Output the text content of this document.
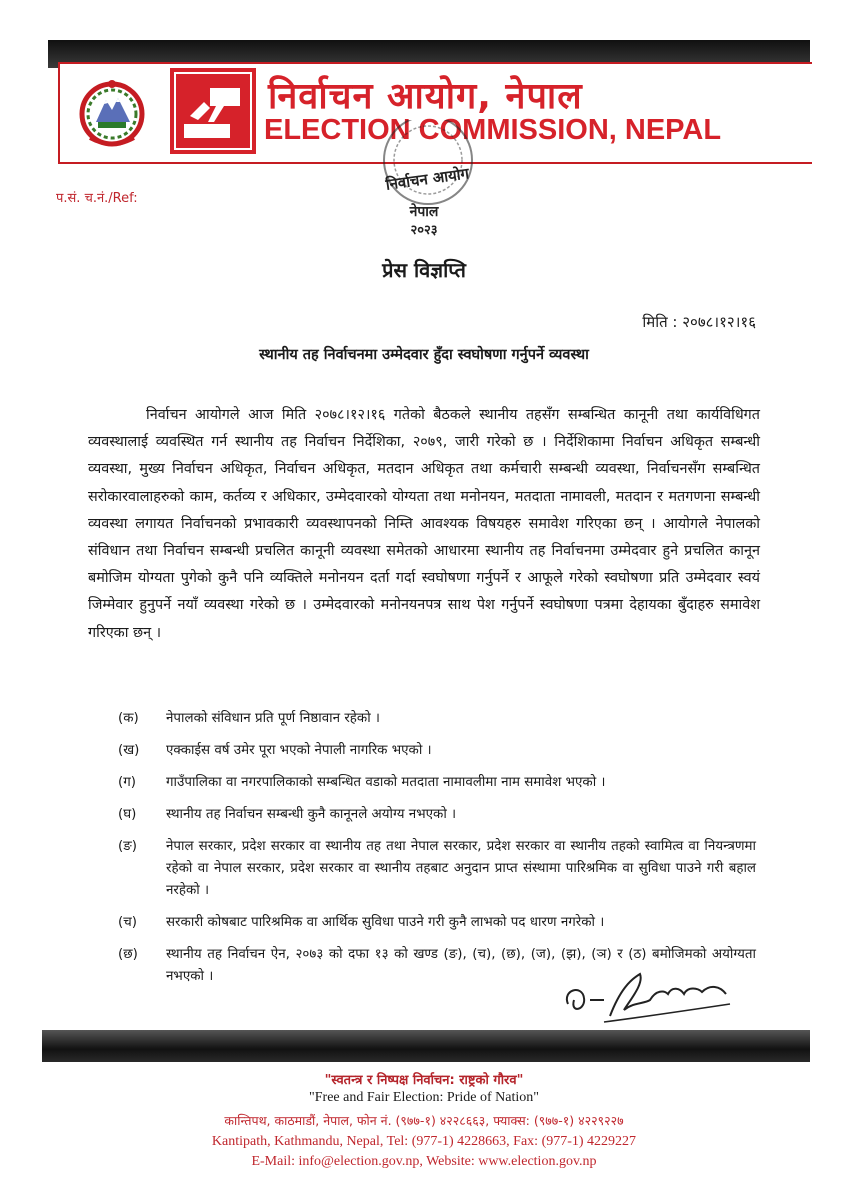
निर्वाचन आयोग, नेपाल
ELECTION COMMISSION, NEPAL
प.सं. च.नं./Ref:
निर्वाचन आयोग
नेपाल
२०२३
प्रेस विज्ञप्ति
मिति : २०७८।१२।१६
स्थानीय तह निर्वाचनमा उम्मेदवार हुँदा स्वघोषणा गर्नुपर्ने व्यवस्था
निर्वाचन आयोगले आज मिति २०७८।१२।१६ गतेको बैठकले स्थानीय तहसँग सम्बन्धित कानूनी तथा कार्यविधिगत व्यवस्थालाई व्यवस्थित गर्न स्थानीय तह निर्वाचन निर्देशिका, २०७९, जारी गरेको छ । निर्देशिकामा निर्वाचन अधिकृत सम्बन्धी व्यवस्था, मुख्य निर्वाचन अधिकृत, निर्वाचन अधिकृत, मतदान अधिकृत तथा कर्मचारी सम्बन्धी व्यवस्था, निर्वाचनसँग सम्बन्धित सरोकारवालाहरुको काम, कर्तव्य र अधिकार, उम्मेदवारको योग्यता तथा मनोनयन, मतदाता नामावली, मतदान र मतगणना सम्बन्धी व्यवस्था लगायत निर्वाचनको प्रभावकारी व्यवस्थापनको निम्ति आवश्यक विषयहरु समावेश गरिएका छन् । आयोगले नेपालको संविधान तथा निर्वाचन सम्बन्धी प्रचलित कानूनी व्यवस्था समेतको आधारमा स्थानीय तह निर्वाचनमा उम्मेदवार हुने प्रचलित कानून बमोजिम योग्यता पुगेको कुनै पनि व्यक्तिले मनोनयन दर्ता गर्दा स्वघोषणा गर्नुपर्ने र आफूले गरेको स्वघोषणा प्रति उम्मेदवार स्वयं जिम्मेवार हुनुपर्ने नयाँ व्यवस्था गरेको छ । उम्मेदवारको मनोनयनपत्र साथ पेश गर्नुपर्ने स्वघोषणा पत्रमा देहायका बुँदाहरु समावेश गरिएका छन् ।
(क)	नेपालको संविधान प्रति पूर्ण निष्ठावान रहेको ।
(ख)	एक्काईस वर्ष उमेर पूरा भएको नेपाली नागरिक भएको ।
(ग)	गाउँपालिका वा नगरपालिकाको सम्बन्धित वडाको मतदाता नामावलीमा नाम समावेश भएको ।
(घ)	स्थानीय तह निर्वाचन सम्बन्धी कुनै कानूनले अयोग्य नभएको ।
(ङ)	नेपाल सरकार, प्रदेश सरकार वा स्थानीय तह तथा नेपाल सरकार, प्रदेश सरकार वा स्थानीय तहको स्वामित्व वा नियन्त्रणमा रहेको वा नेपाल सरकार, प्रदेश सरकार वा स्थानीय तहबाट अनुदान प्राप्त संस्थामा पारिश्रमिक वा सुविधा पाउने गरी बहाल नरहेको ।
(च)	सरकारी कोषबाट पारिश्रमिक वा आर्थिक सुविधा पाउने गरी कुनै लाभको पद धारण नगरेको ।
(छ)	स्थानीय तह निर्वाचन ऐन, २०७३ को दफा १३ को खण्ड (ङ), (च), (छ), (ज), (झ), (ञ) र (ठ) बमोजिमको अयोग्यता नभएको ।
"स्वतन्त्र र निष्पक्ष निर्वाचन: राष्ट्रको गौरव"
"Free and Fair Election: Pride of Nation"
कान्तिपथ, काठमाडौं, नेपाल, फोन नं. (९७७-१) ४२२८६६३, फ्याक्स: (९७७-१) ४२२९२२७
Kantipath, Kathmandu, Nepal, Tel: (977-1) 4228663, Fax: (977-1) 4229227
E-Mail: info@election.gov.np, Website: www.election.gov.np
